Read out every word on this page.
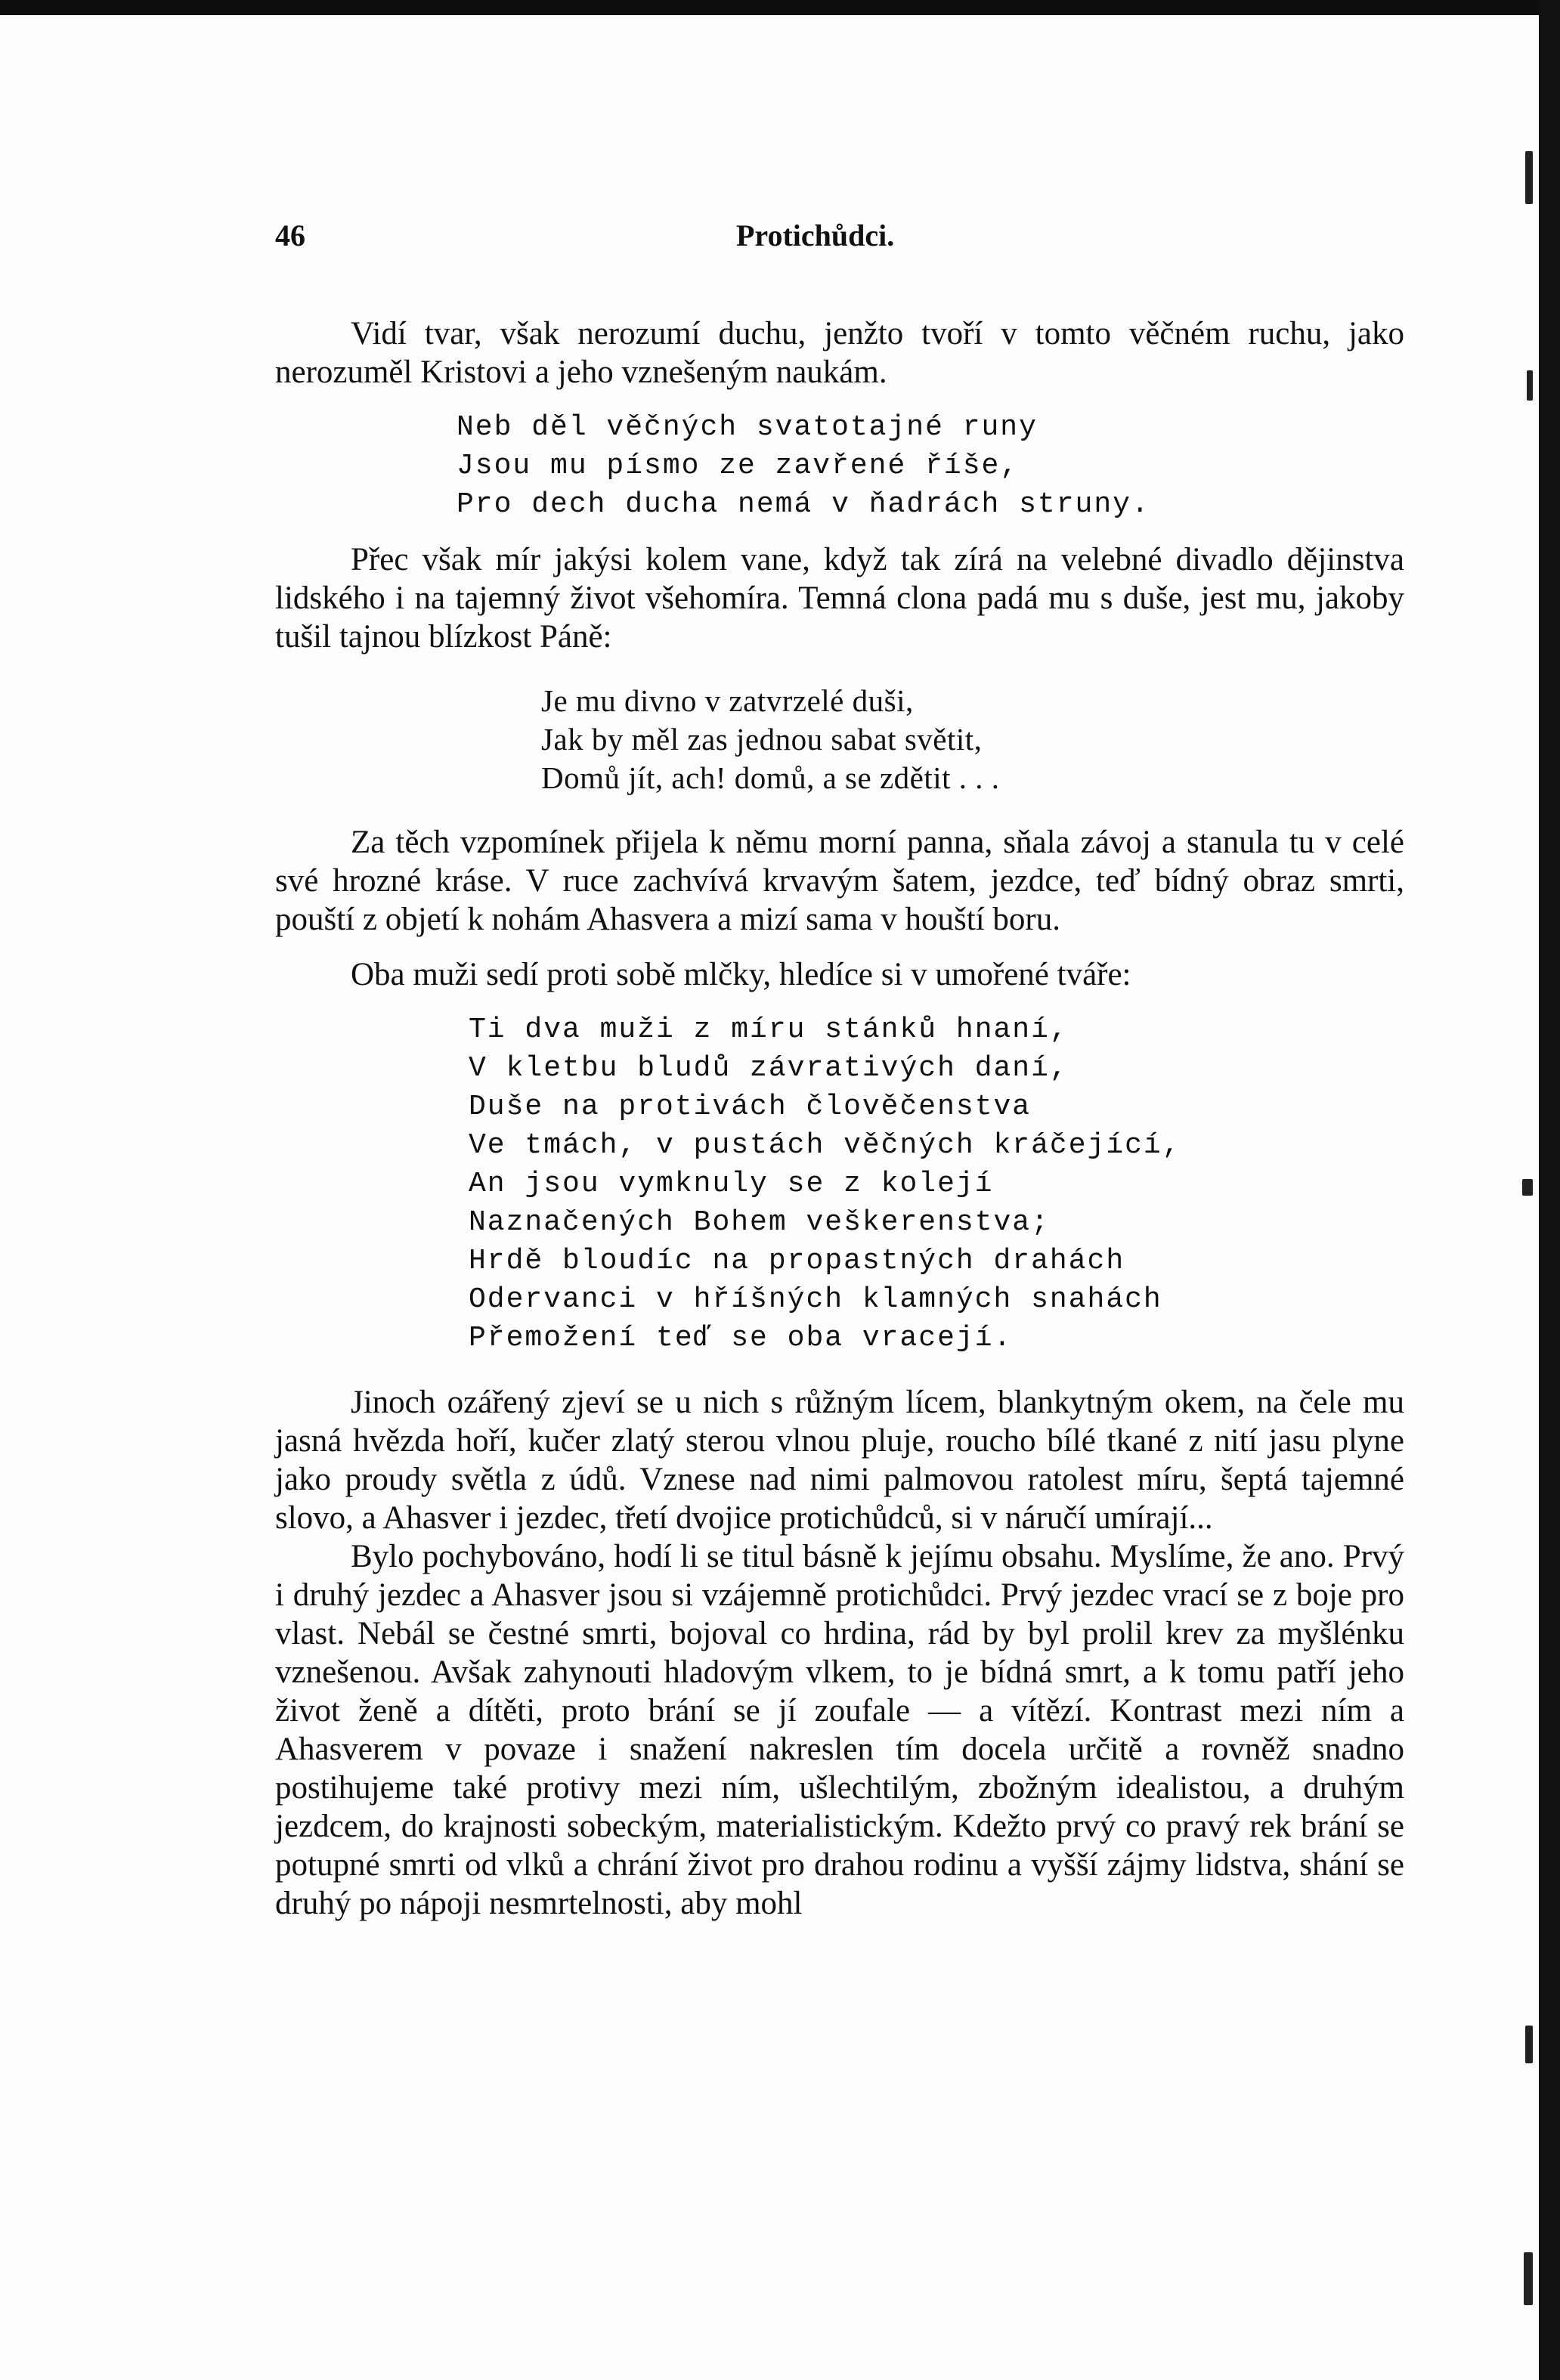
46	Protichůdci.

Vidí tvar, však nerozumí duchu, jenžto tvoří v tomto věčném ruchu, jako nerozuměl Kristovi a jeho vznešeným naukám.

Neb děl věčných svatotajné runy

Jsou mu písmo ze zavřené říše,

Pro dech ducha nemá v ňadrách struny.

Přec však mír jakýsi kolem vane, když tak zírá na velebné divadlo dějinstva lidského i na tajemný život všehomíra. Temná clona padá mu s duše, jest mu, jakoby tušil tajnou blízkost Páně:

Je mu divno v zatvrzelé duši,

Jak by měl zas jednou sabat světit,

Domů jít, ach! domů, a se zdětit . . .

Za těch vzpomínek přijela k němu morní panna, sňala závoj a stanula tu v celé své hrozné kráse. V ruce zachvívá krvavým šatem, jezdce, teď bídný obraz smrti, pouští z objetí k nohám Ahasvera a mizí sama v houští boru.

Oba muži sedí proti sobě mlčky, hledíce si v umořené tváře:

Ti dva muži z míru stánků hnaní,

V kletbu bludů závrativých daní,

Duše na protivách člověčenstva

Ve tmách, v pustách věčných kráčející,

An jsou vymknuly se z kolejí

Naznačených Bohem veškerenstva;

Hrdě bloudíc na propastných drahách

Odervanci v hříšných klamných snahách

Přemožení teď se oba vracejí.

Jinoch ozářený zjeví se u nich s růžným lícem, blankytným okem, na čele mu jasná hvězda hoří, kučer zlatý sterou vlnou pluje, roucho bílé tkané z nití jasu plyne jako proudy světla z údů. Vznese nad nimi palmovou ratolest míru, šeptá tajemné slovo, a Ahasver i jezdec, třetí dvojice protichůdců, si v náručí umírají...

Bylo pochybováno, hodí li se titul básně k jejímu obsahu. Myslíme, že ano. Prvý i druhý jezdec a Ahasver jsou si vzájemně protichůdci. Prvý jezdec vrací se z boje pro vlast. Nebál se čestné smrti, bojoval co hrdina, rád by byl prolil krev za myšlénku vznešenou. Avšak zahynouti hladovým vlkem, to je bídná smrt, a k tomu patří jeho život ženě a dítěti, proto brání se jí zoufale — a vítězí. Kontrast mezi ním a Ahasverem v povaze i snažení nakreslen tím docela určitě a rovněž snadno postihujeme také protivy mezi ním, ušlechtilým, zbožným idealistou, a druhým jezdcem, do krajnosti sobeckým, materialistickým. Kdežto prvý co pravý rek brání se potupné smrti od vlků a chrání život pro drahou rodinu a vyšší zájmy lidstva, shání se druhý po nápoji nesmrtelnosti, aby mohl
